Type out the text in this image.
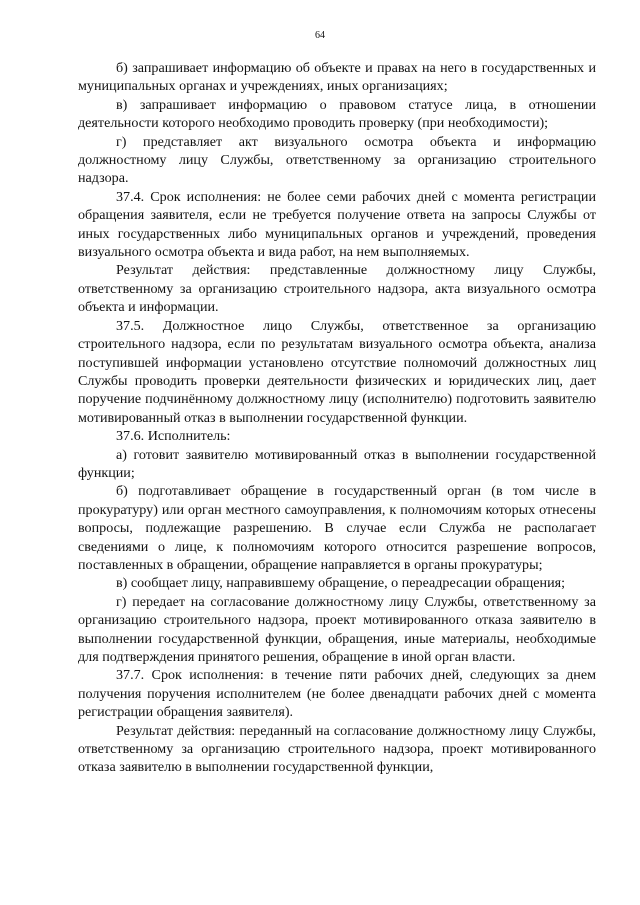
64

б) запрашивает информацию об объекте и правах на него в государственных и муниципальных органах и учреждениях, иных организациях;

в) запрашивает информацию о правовом статусе лица, в отношении деятельности которого необходимо проводить проверку (при необходимости);

г) представляет акт визуального осмотра объекта и информацию должностному лицу Службы, ответственному за организацию строительного надзора.

37.4. Срок исполнения: не более семи рабочих дней с момента регистрации обращения заявителя, если не требуется получение ответа на запросы Службы от иных государственных либо муниципальных органов и учреждений, проведения визуального осмотра объекта и вида работ, на нем выполняемых.

Результат действия: представленные должностному лицу Службы, ответственному за организацию строительного надзора, акта визуального осмотра объекта и информации.

37.5. Должностное лицо Службы, ответственное за организацию строительного надзора, если по результатам визуального осмотра объекта, анализа поступившей информации установлено отсутствие полномочий должностных лиц Службы проводить проверки деятельности физических и юридических лиц, дает поручение подчинённому должностному лицу (исполнителю) подготовить заявителю мотивированный отказ в выполнении государственной функции.

37.6. Исполнитель:

а) готовит заявителю мотивированный отказ в выполнении государственной функции;

б) подготавливает обращение в государственный орган (в том числе в прокуратуру) или орган местного самоуправления, к полномочиям которых отнесены вопросы, подлежащие разрешению. В случае если Служба не располагает сведениями о лице, к полномочиям которого относится разрешение вопросов, поставленных в обращении, обращение направляется в органы прокуратуры;

в) сообщает лицу, направившему обращение, о переадресации обращения;

г) передает на согласование должностному лицу Службы, ответственному за организацию строительного надзора, проект мотивированного отказа заявителю в выполнении государственной функции, обращения, иные материалы, необходимые для подтверждения принятого решения, обращение в иной орган власти.

37.7. Срок исполнения: в течение пяти рабочих дней, следующих за днем получения поручения исполнителем (не более двенадцати рабочих дней с момента регистрации обращения заявителя).

Результат действия: переданный на согласование должностному лицу Службы, ответственному за организацию строительного надзора, проект мотивированного отказа заявителю в выполнении государственной функции,
